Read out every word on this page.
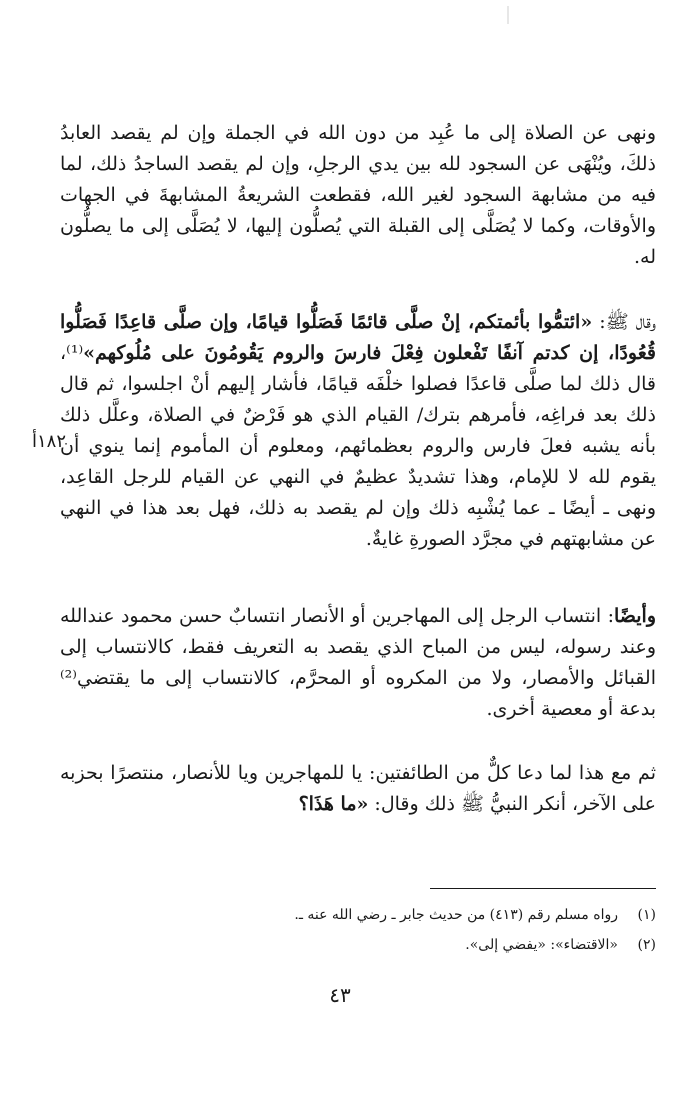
ونهى عن الصلاة إلى ما عُبِد من دون الله في الجملة وإن لم يقصد العابدُ ذلكَ، ويُنْهَى عن السجود لله بين يدي الرجلِ، وإن لم يقصد الساجدُ ذلك، لما فيه من مشابهة السجود لغير الله، فقطعت الشريعةُ المشابهةَ في الجهات والأوقات، وكما لا يُصَلَّى إلى القبلة التي يُصلُّون إليها، لا يُصَلَّى إلى ما يصلُّون له.

وقال ﷺ: «ائتمُّوا بأئمتكم، إنْ صلَّى قائمًا فَصَلُّوا قيامًا، وإن صلَّى قاعِدًا فَصَلُّوا قُعُودًا، إن كدتم آنفًا تَفْعلون فِعْلَ فارسَ والروم يَقُومُونَ على مُلُوكهم»⁽¹⁾، قال ذلك لما صلَّى قاعدًا فصلوا خلْفَه قيامًا، فأشار إليهم أنْ اجلسوا، ثم قال ذلك بعد فراغِه، فأمرهم بترك/ القيام الذي هو فَرْضٌ في الصلاة، وعلَّل ذلك بأنه يشبه فعلَ فارس والروم بعظمائهم، ومعلوم أن المأموم إنما ينوي أن يقوم لله لا للإمام، وهذا تشديدٌ عظيمٌ في النهي عن القيام للرجل القاعِد، ونهى ـ أيضًا ـ عما يُشْبِه ذلك وإن لم يقصد به ذلك، فهل بعد هذا في النهي عن مشابهتهم في مجرَّد الصورةِ غايةٌ.

١٨٢أ

وأيضًا: انتساب الرجل إلى المهاجرين أو الأنصار انتسابٌ حسن محمود عندالله وعند رسوله، ليس من المباح الذي يقصد به التعريف فقط، كالانتساب إلى القبائل والأمصار، ولا من المكروه أو المحرَّم، كالانتساب إلى ما يقتضي⁽²⁾ بدعة أو معصية أخرى.

ثم مع هذا لما دعا كلٌّ من الطائفتين: يا للمهاجرين ويا للأنصار، منتصرًا بحزبه على الآخر، أنكر النبيُّ ﷺ ذلك وقال: «ما هَذَا؟

(١)
رواه مسلم رقم (٤١٣) من حديث جابر ـ رضي الله عنه ـ.
(٢)
«الاقتضاء»: «يفضي إلى».
٤٣
